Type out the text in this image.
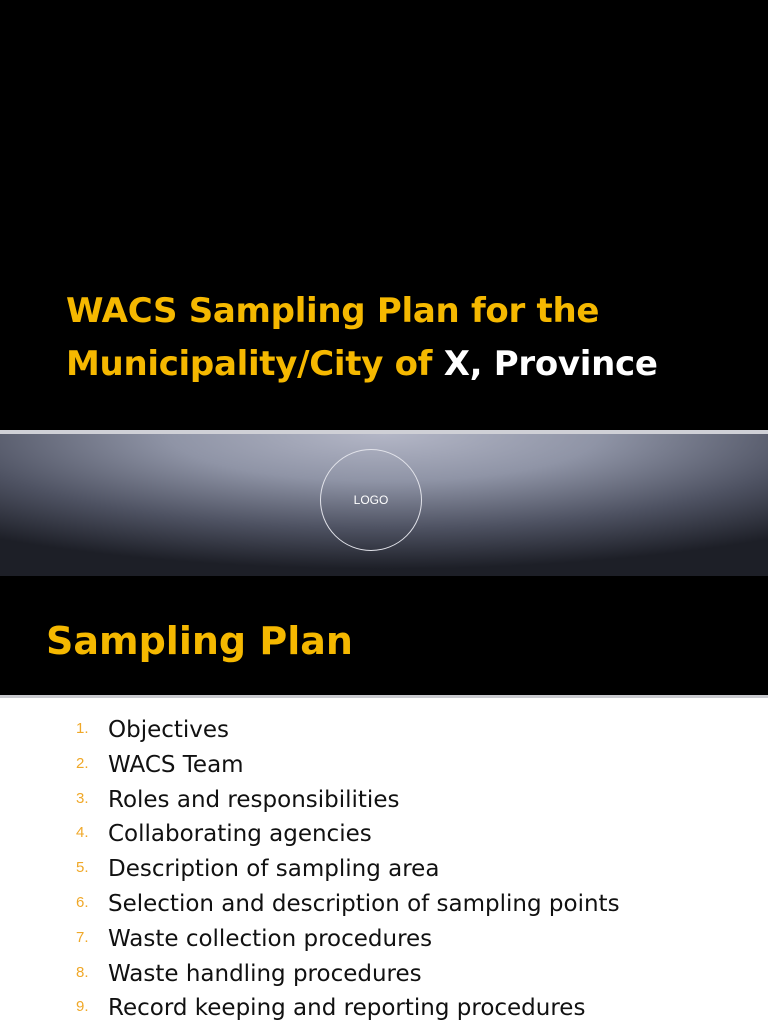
WACS Sampling Plan for the
Municipality/City of X, Province
LOGO
Sampling Plan
1. Objectives
2. WACS Team
3. Roles and responsibilities
4. Collaborating agencies
5. Description of sampling area
6. Selection and description of sampling points
7. Waste collection procedures
8. Waste handling procedures
9. Record keeping and reporting procedures
